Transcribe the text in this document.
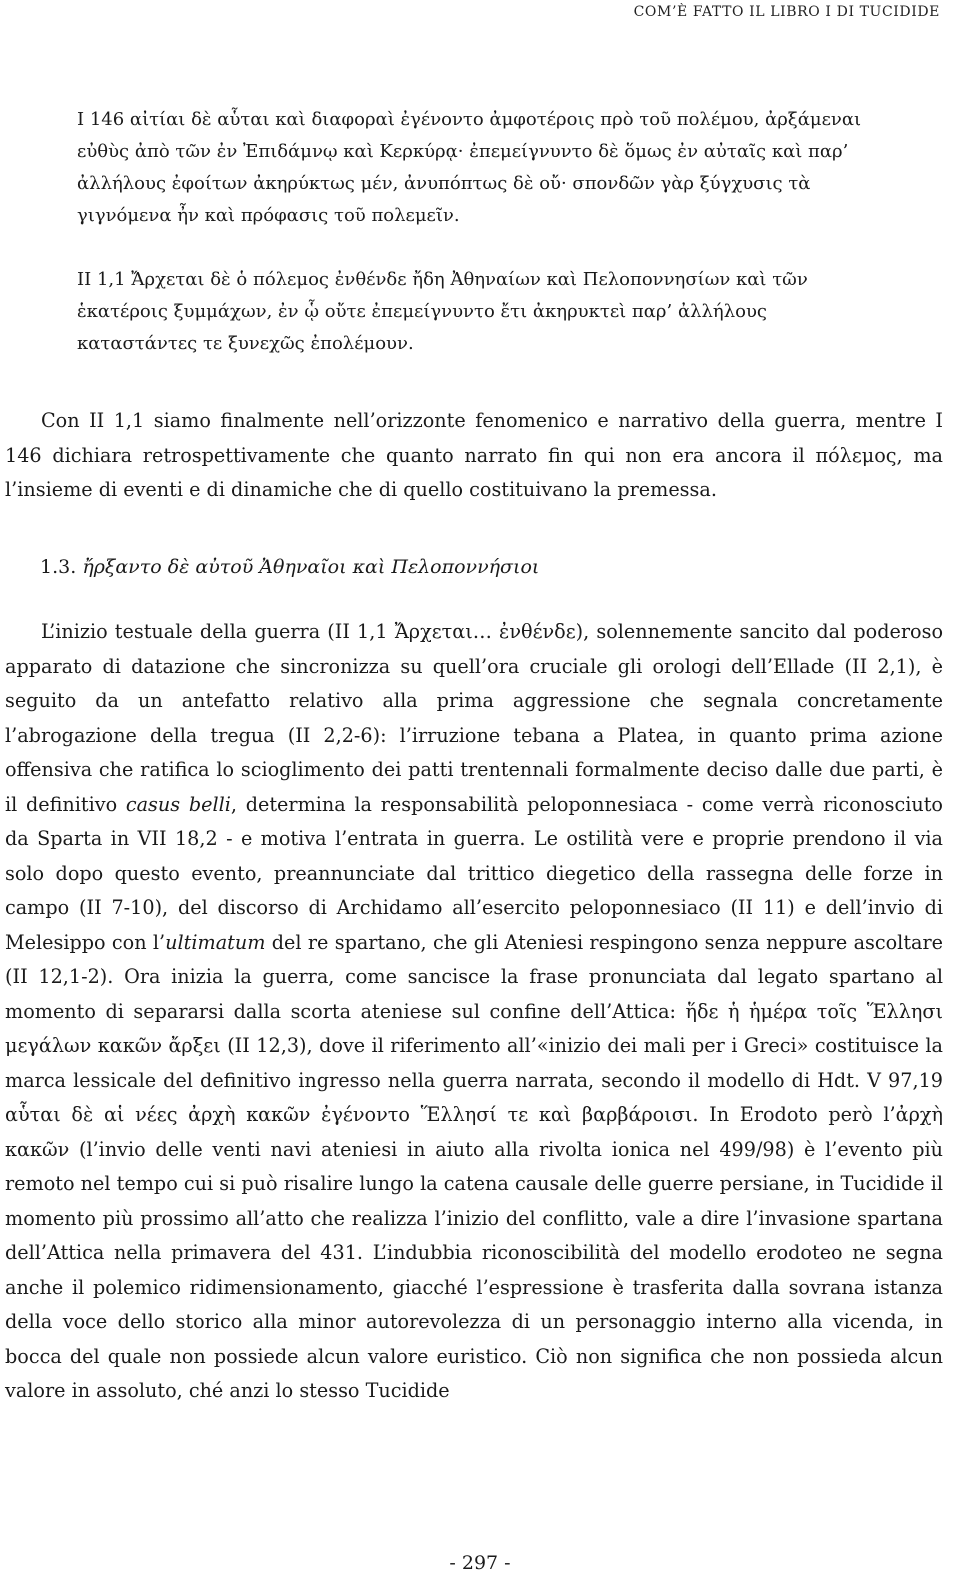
COM’È FATTO IL LIBRO I DI TUCIDIDE

I 146 αἰτίαι δὲ αὗται καὶ διαφοραὶ ἐγένοντο ἀμφοτέροις πρὸ τοῦ πολέμου, ἀρξάμεναι εὐθὺς ἀπὸ τῶν ἐν Ἐπιδάμνῳ καὶ Κερκύρᾳ· ἐπεμείγνυντο δὲ ὅμως ἐν αὐταῖς καὶ παρ’ ἀλλήλους ἐφοίτων ἀκηρύκτως μέν, ἀνυπόπτως δὲ οὔ· σπονδῶν γὰρ ξύγχυσις τὰ γιγνόμενα ἦν καὶ πρόφασις τοῦ πολεμεῖν.

II 1,1 Ἄρχεται δὲ ὁ πόλεμος ἐνθένδε ἤδη Ἀθηναίων καὶ Πελοποννησίων καὶ τῶν ἑκατέροις ξυμμάχων, ἐν ᾧ οὔτε ἐπεμείγνυντο ἔτι ἀκηρυκτεὶ παρ’ ἀλλήλους καταστάντες τε ξυνεχῶς ἐπολέμουν.

Con II 1,1 siamo finalmente nell’orizzonte fenomenico e narrativo della guerra, mentre I 146 dichiara retrospettivamente che quanto narrato fin qui non era ancora il πόλεμος, ma l’insieme di eventi e di dinamiche che di quello costituivano la premessa.

1.3. ἤρξαντο δὲ αὐτοῦ Ἀθηναῖοι καὶ Πελοποννήσιοι

L’inizio testuale della guerra (II 1,1 Ἄρχεται… ἐνθένδε), solennemente sancito dal poderoso apparato di datazione che sincronizza su quell’ora cruciale gli orologi dell’Ellade (II 2,1), è seguito da un antefatto relativo alla prima aggressione che segnala concretamente l’abrogazione della tregua (II 2,2-6): l’irruzione tebana a Platea, in quanto prima azione offensiva che ratifica lo scioglimento dei patti trentennali formalmente deciso dalle due parti, è il definitivo casus belli, determina la responsabilità peloponnesiaca - come verrà riconosciuto da Sparta in VII 18,2 - e motiva l’entrata in guerra. Le ostilità vere e proprie prendono il via solo dopo questo evento, preannunciate dal trittico diegetico della rassegna delle forze in campo (II 7-10), del discorso di Archidamo all’esercito peloponnesiaco (II 11) e dell’invio di Melesippo con l’ultimatum del re spartano, che gli Ateniesi respingono senza neppure ascoltare (II 12,1-2). Ora inizia la guerra, come sancisce la frase pronunciata dal legato spartano al momento di separarsi dalla scorta ateniese sul confine dell’Attica: ἥδε ἡ ἡμέρα τοῖς Ἕλλησι μεγάλων κακῶν ἄρξει (II 12,3), dove il riferimento all’«inizio dei mali per i Greci» costituisce la marca lessicale del definitivo ingresso nella guerra narrata, secondo il modello di Hdt. V 97,19 αὗται δὲ αἱ νέες ἀρχὴ κακῶν ἐγένοντο Ἕλλησί τε καὶ βαρβάροισι. In Erodoto però l’ἀρχὴ κακῶν (l’invio delle venti navi ateniesi in aiuto alla rivolta ionica nel 499/98) è l’evento più remoto nel tempo cui si può risalire lungo la catena causale delle guerre persiane, in Tucidide il momento più prossimo all’atto che realizza l’inizio del conflitto, vale a dire l’invasione spartana dell’Attica nella primavera del 431. L’indubbia riconoscibilità del modello erodoteo ne segna anche il polemico ridimensionamento, giacché l’espressione è trasferita dalla sovrana istanza della voce dello storico alla minor autorevolezza di un personaggio interno alla vicenda, in bocca del quale non possiede alcun valore euristico. Ciò non significa che non possieda alcun valore in assoluto, ché anzi lo stesso Tucidide

- 297 -
